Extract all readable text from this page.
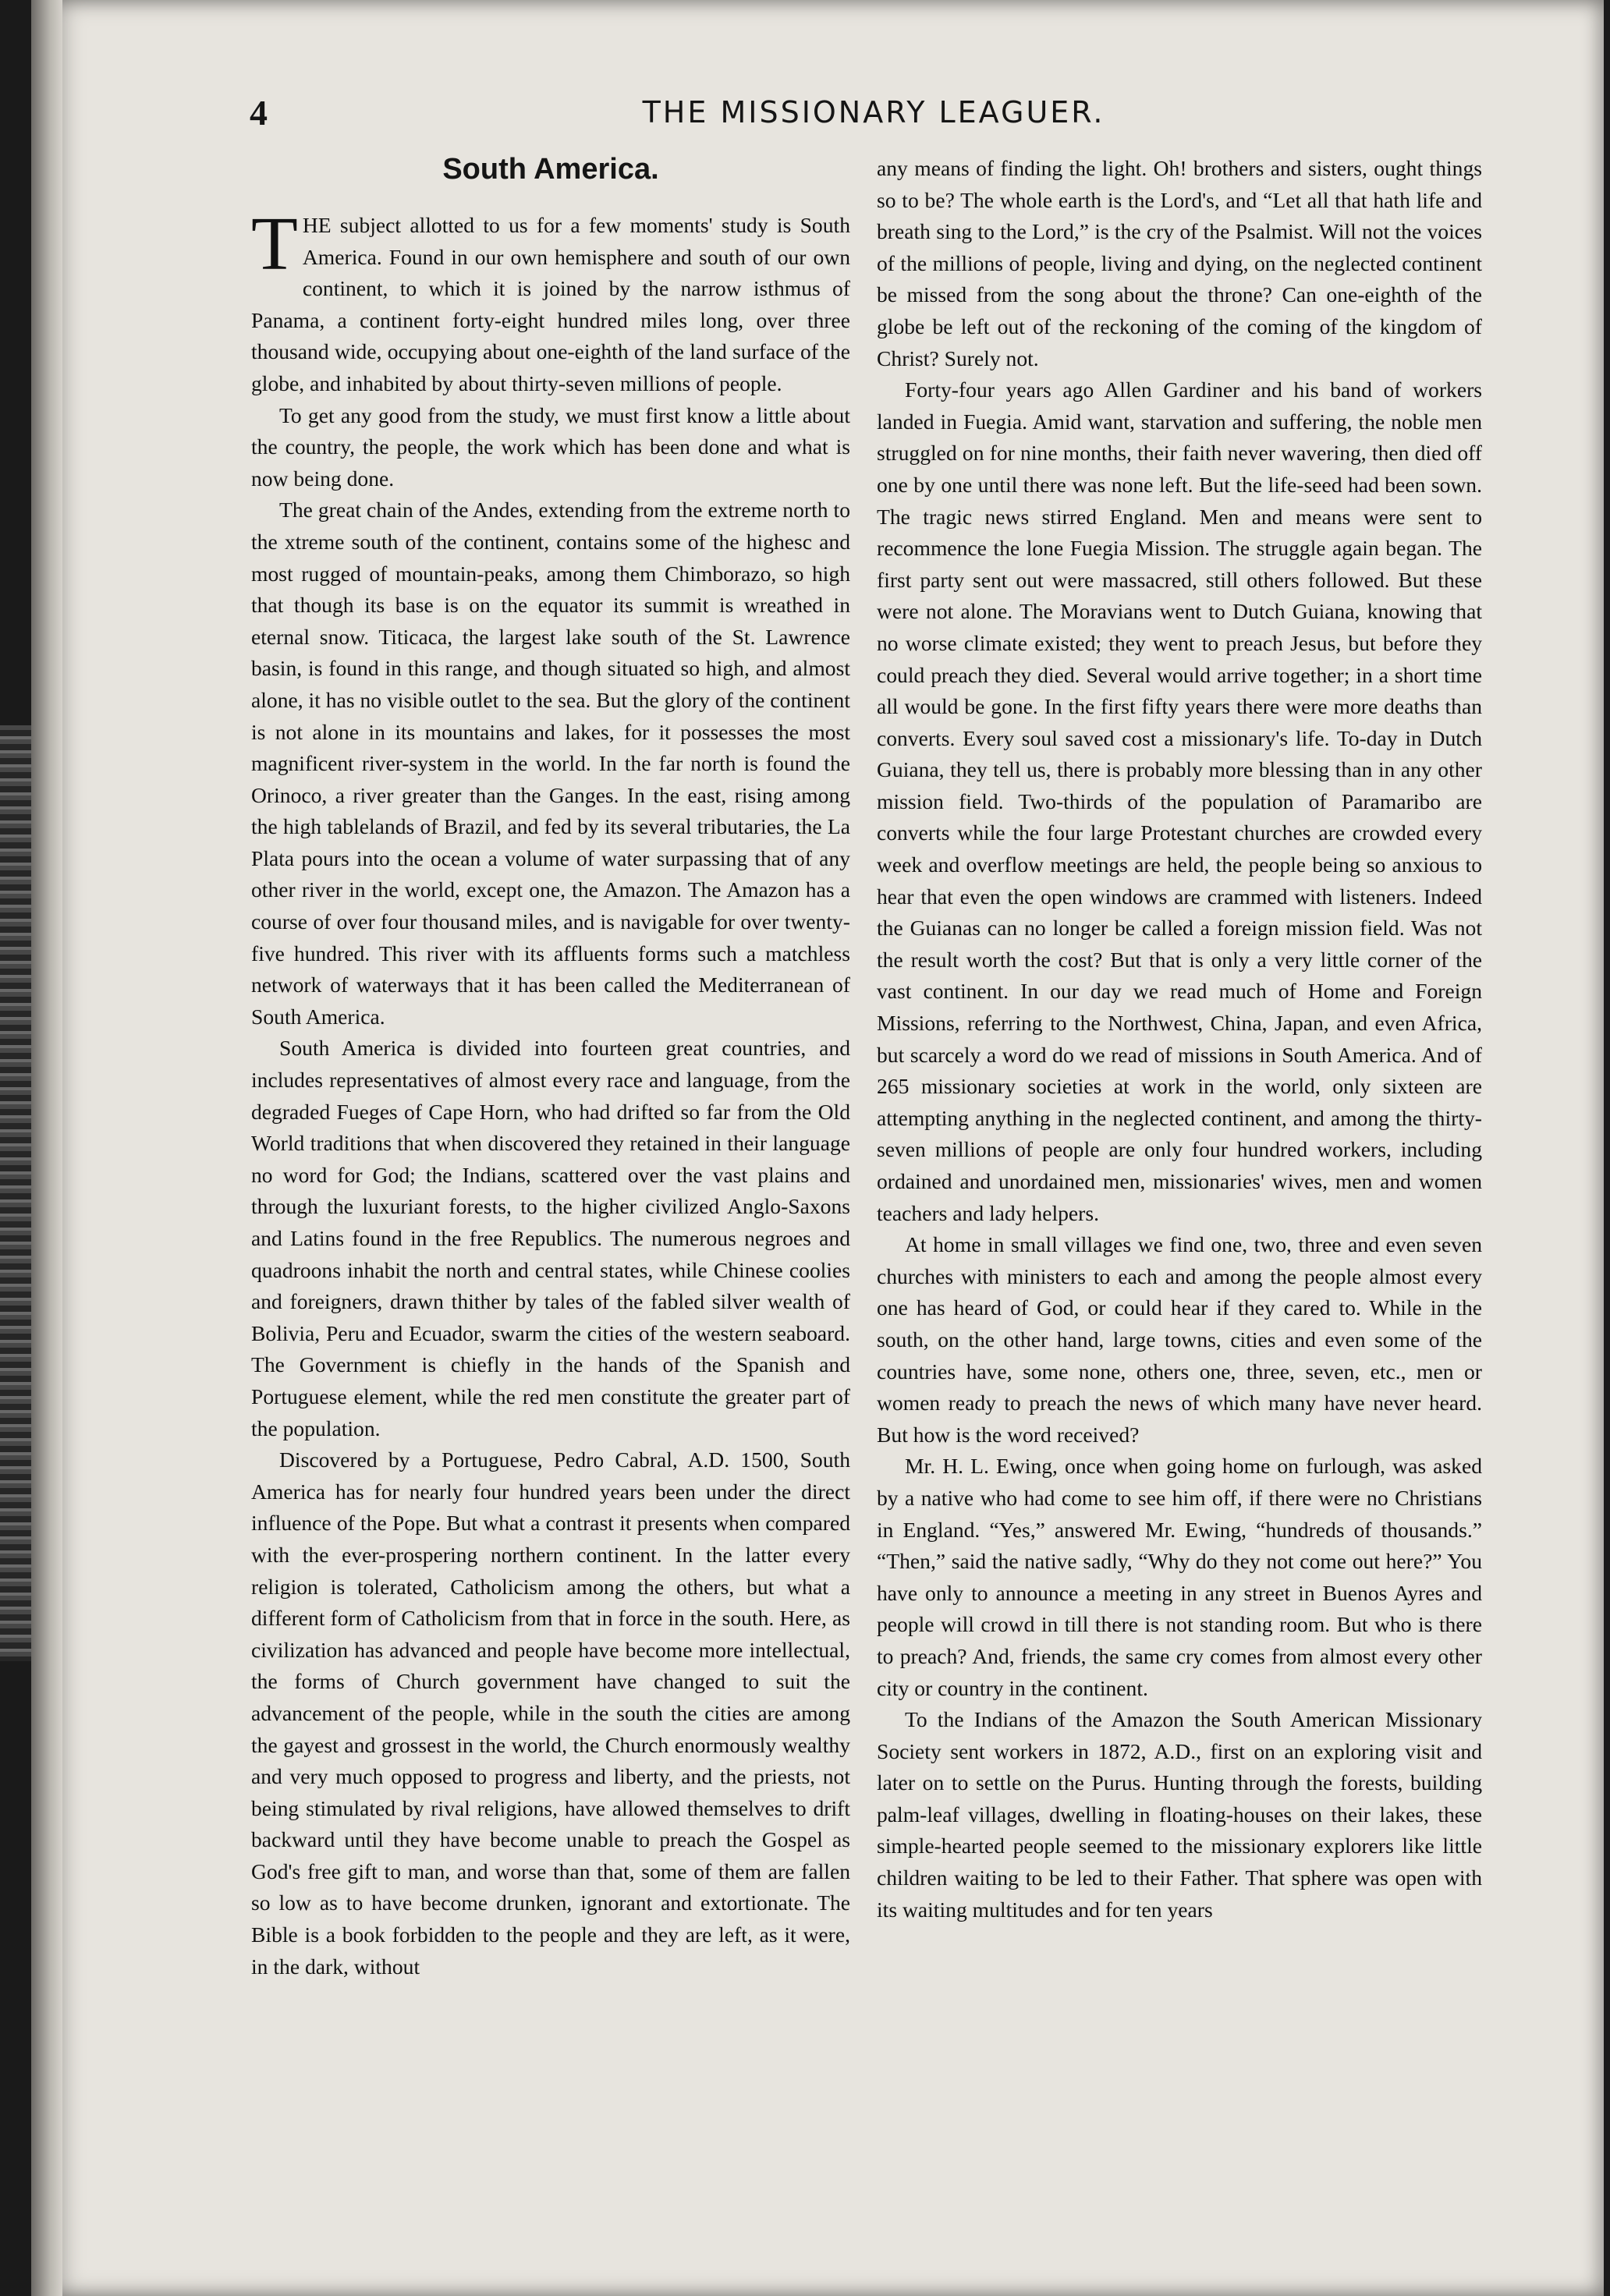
4	THE MISSIONARY LEAGUER.
South America.

THE subject allotted to us for a few moments' study is South America. Found in our own hemisphere and south of our own continent, to which it is joined by the narrow isthmus of Panama, a continent forty-eight hundred miles long, over three thousand wide, occupying about one-eighth of the land surface of the globe, and inhabited by about thirty-seven millions of people.

To get any good from the study, we must first know a little about the country, the people, the work which has been done and what is now being done.

The great chain of the Andes, extending from the extreme north to the xtreme south of the continent, contains some of the highesc and most rugged of mountain-peaks, among them Chimborazo, so high that though its base is on the equator its summit is wreathed in eternal snow. Titicaca, the largest lake south of the St. Lawrence basin, is found in this range, and though situated so high, and almost alone, it has no visible outlet to the sea. But the glory of the continent is not alone in its mountains and lakes, for it possesses the most magnificent river-system in the world. In the far north is found the Orinoco, a river greater than the Ganges. In the east, rising among the high tablelands of Brazil, and fed by its several tributaries, the La Plata pours into the ocean a volume of water surpassing that of any other river in the world, except one, the Amazon. The Amazon has a course of over four thousand miles, and is navigable for over twenty-five hundred. This river with its affluents forms such a matchless network of waterways that it has been called the Mediterranean of South America.

South America is divided into fourteen great countries, and includes representatives of almost every race and language, from the degraded Fueges of Cape Horn, who had drifted so far from the Old World traditions that when discovered they retained in their language no word for God; the Indians, scattered over the vast plains and through the luxuriant forests, to the higher civilized Anglo-Saxons and Latins found in the free Republics. The numerous negroes and quadroons inhabit the north and central states, while Chinese coolies and foreigners, drawn thither by tales of the fabled silver wealth of Bolivia, Peru and Ecuador, swarm the cities of the western seaboard. The Government is chiefly in the hands of the Spanish and Portuguese element, while the red men constitute the greater part of the population.

Discovered by a Portuguese, Pedro Cabral, A.D. 1500, South America has for nearly four hundred years been under the direct influence of the Pope. But what a contrast it presents when compared with the ever-prospering northern continent. In the latter every religion is tolerated, Catholicism among the others, but what a different form of Catholicism from that in force in the south. Here, as civilization has advanced and people have become more intellectual, the forms of Church government have changed to suit the advancement of the people, while in the south the cities are among the gayest and grossest in the world, the Church enormously wealthy and very much opposed to progress and liberty, and the priests, not being stimulated by rival religions, have allowed themselves to drift backward until they have become unable to preach the Gospel as God's free gift to man, and worse than that, some of them are fallen so low as to have become drunken, ignorant and extortionate. The Bible is a book forbidden to the people and they are left, as it were, in the dark, without

any means of finding the light. Oh! brothers and sisters, ought things so to be? The whole earth is the Lord's, and “Let all that hath life and breath sing to the Lord,” is the cry of the Psalmist. Will not the voices of the millions of people, living and dying, on the neglected continent be missed from the song about the throne? Can one-eighth of the globe be left out of the reckoning of the coming of the kingdom of Christ? Surely not.

Forty-four years ago Allen Gardiner and his band of workers landed in Fuegia. Amid want, starvation and suffering, the noble men struggled on for nine months, their faith never wavering, then died off one by one until there was none left. But the life-seed had been sown. The tragic news stirred England. Men and means were sent to recommence the lone Fuegia Mission. The struggle again began. The first party sent out were massacred, still others followed. But these were not alone. The Moravians went to Dutch Guiana, knowing that no worse climate existed; they went to preach Jesus, but before they could preach they died. Several would arrive together; in a short time all would be gone. In the first fifty years there were more deaths than converts. Every soul saved cost a missionary's life. To-day in Dutch Guiana, they tell us, there is probably more blessing than in any other mission field. Two-thirds of the population of Paramaribo are converts while the four large Protestant churches are crowded every week and overflow meetings are held, the people being so anxious to hear that even the open windows are crammed with listeners. Indeed the Guianas can no longer be called a foreign mission field. Was not the result worth the cost? But that is only a very little corner of the vast continent. In our day we read much of Home and Foreign Missions, referring to the Northwest, China, Japan, and even Africa, but scarcely a word do we read of missions in South America. And of 265 missionary societies at work in the world, only sixteen are attempting anything in the neglected continent, and among the thirty-seven millions of people are only four hundred workers, including ordained and unordained men, missionaries' wives, men and women teachers and lady helpers.

At home in small villages we find one, two, three and even seven churches with ministers to each and among the people almost every one has heard of God, or could hear if they cared to. While in the south, on the other hand, large towns, cities and even some of the countries have, some none, others one, three, seven, etc., men or women ready to preach the news of which many have never heard. But how is the word received?

Mr. H. L. Ewing, once when going home on furlough, was asked by a native who had come to see him off, if there were no Christians in England. “Yes,” answered Mr. Ewing, “hundreds of thousands.” “Then,” said the native sadly, “Why do they not come out here?” You have only to announce a meeting in any street in Buenos Ayres and people will crowd in till there is not standing room. But who is there to preach? And, friends, the same cry comes from almost every other city or country in the continent.

To the Indians of the Amazon the South American Missionary Society sent workers in 1872, A.D., first on an exploring visit and later on to settle on the Purus. Hunting through the forests, building palm-leaf villages, dwelling in floating-houses on their lakes, these simple-hearted people seemed to the missionary explorers like little children waiting to be led to their Father. That sphere was open with its waiting multitudes and for ten years
